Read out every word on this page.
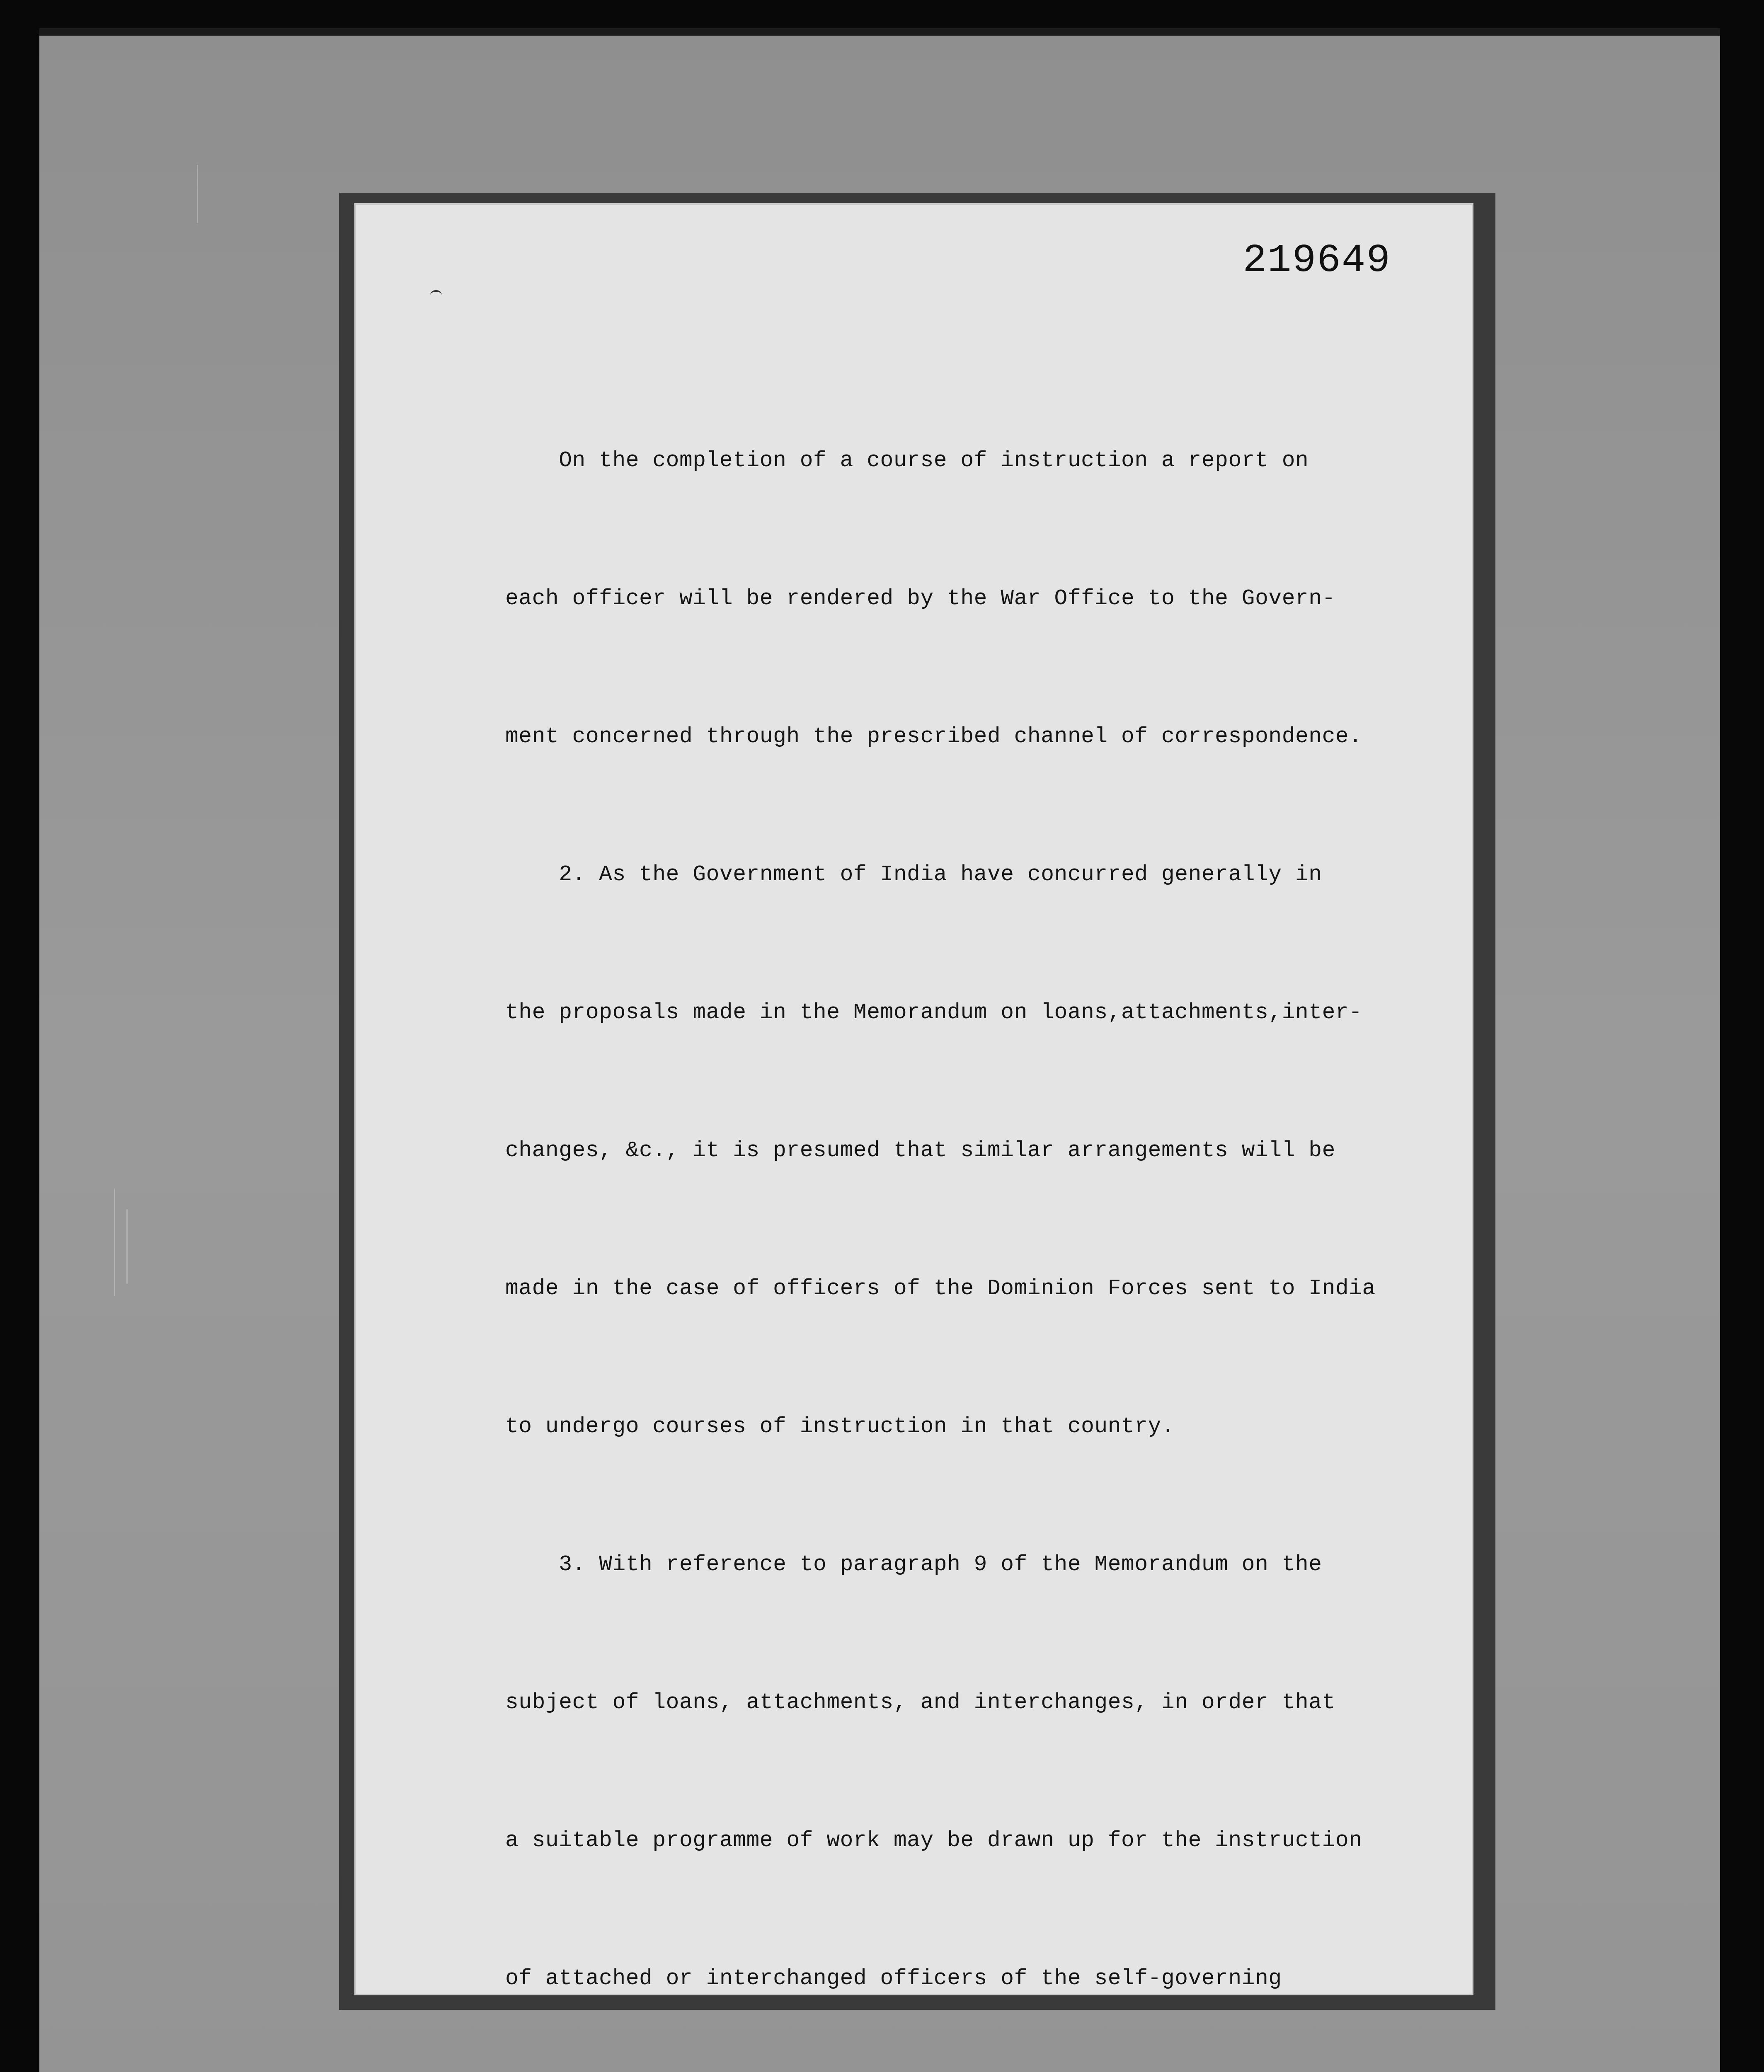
219649

On the completion of a course of instruction a report on

each officer will be rendered by the War Office to the Govern-

ment concerned through the prescribed channel of correspondence.

2. As the Government of India have concurred generally in

the proposals made in the Memorandum on loans,attachments,inter-

changes, &c., it is presumed that similar arrangements will be

made in the case of officers of the Dominion Forces sent to India

to undergo courses of instruction in that country.

3. With reference to paragraph 9 of the Memorandum on the

subject of loans, attachments, and interchanges, in order that

a suitable programme of work may be drawn up for the instruction

of attached or interchanged officers of the self-governing
